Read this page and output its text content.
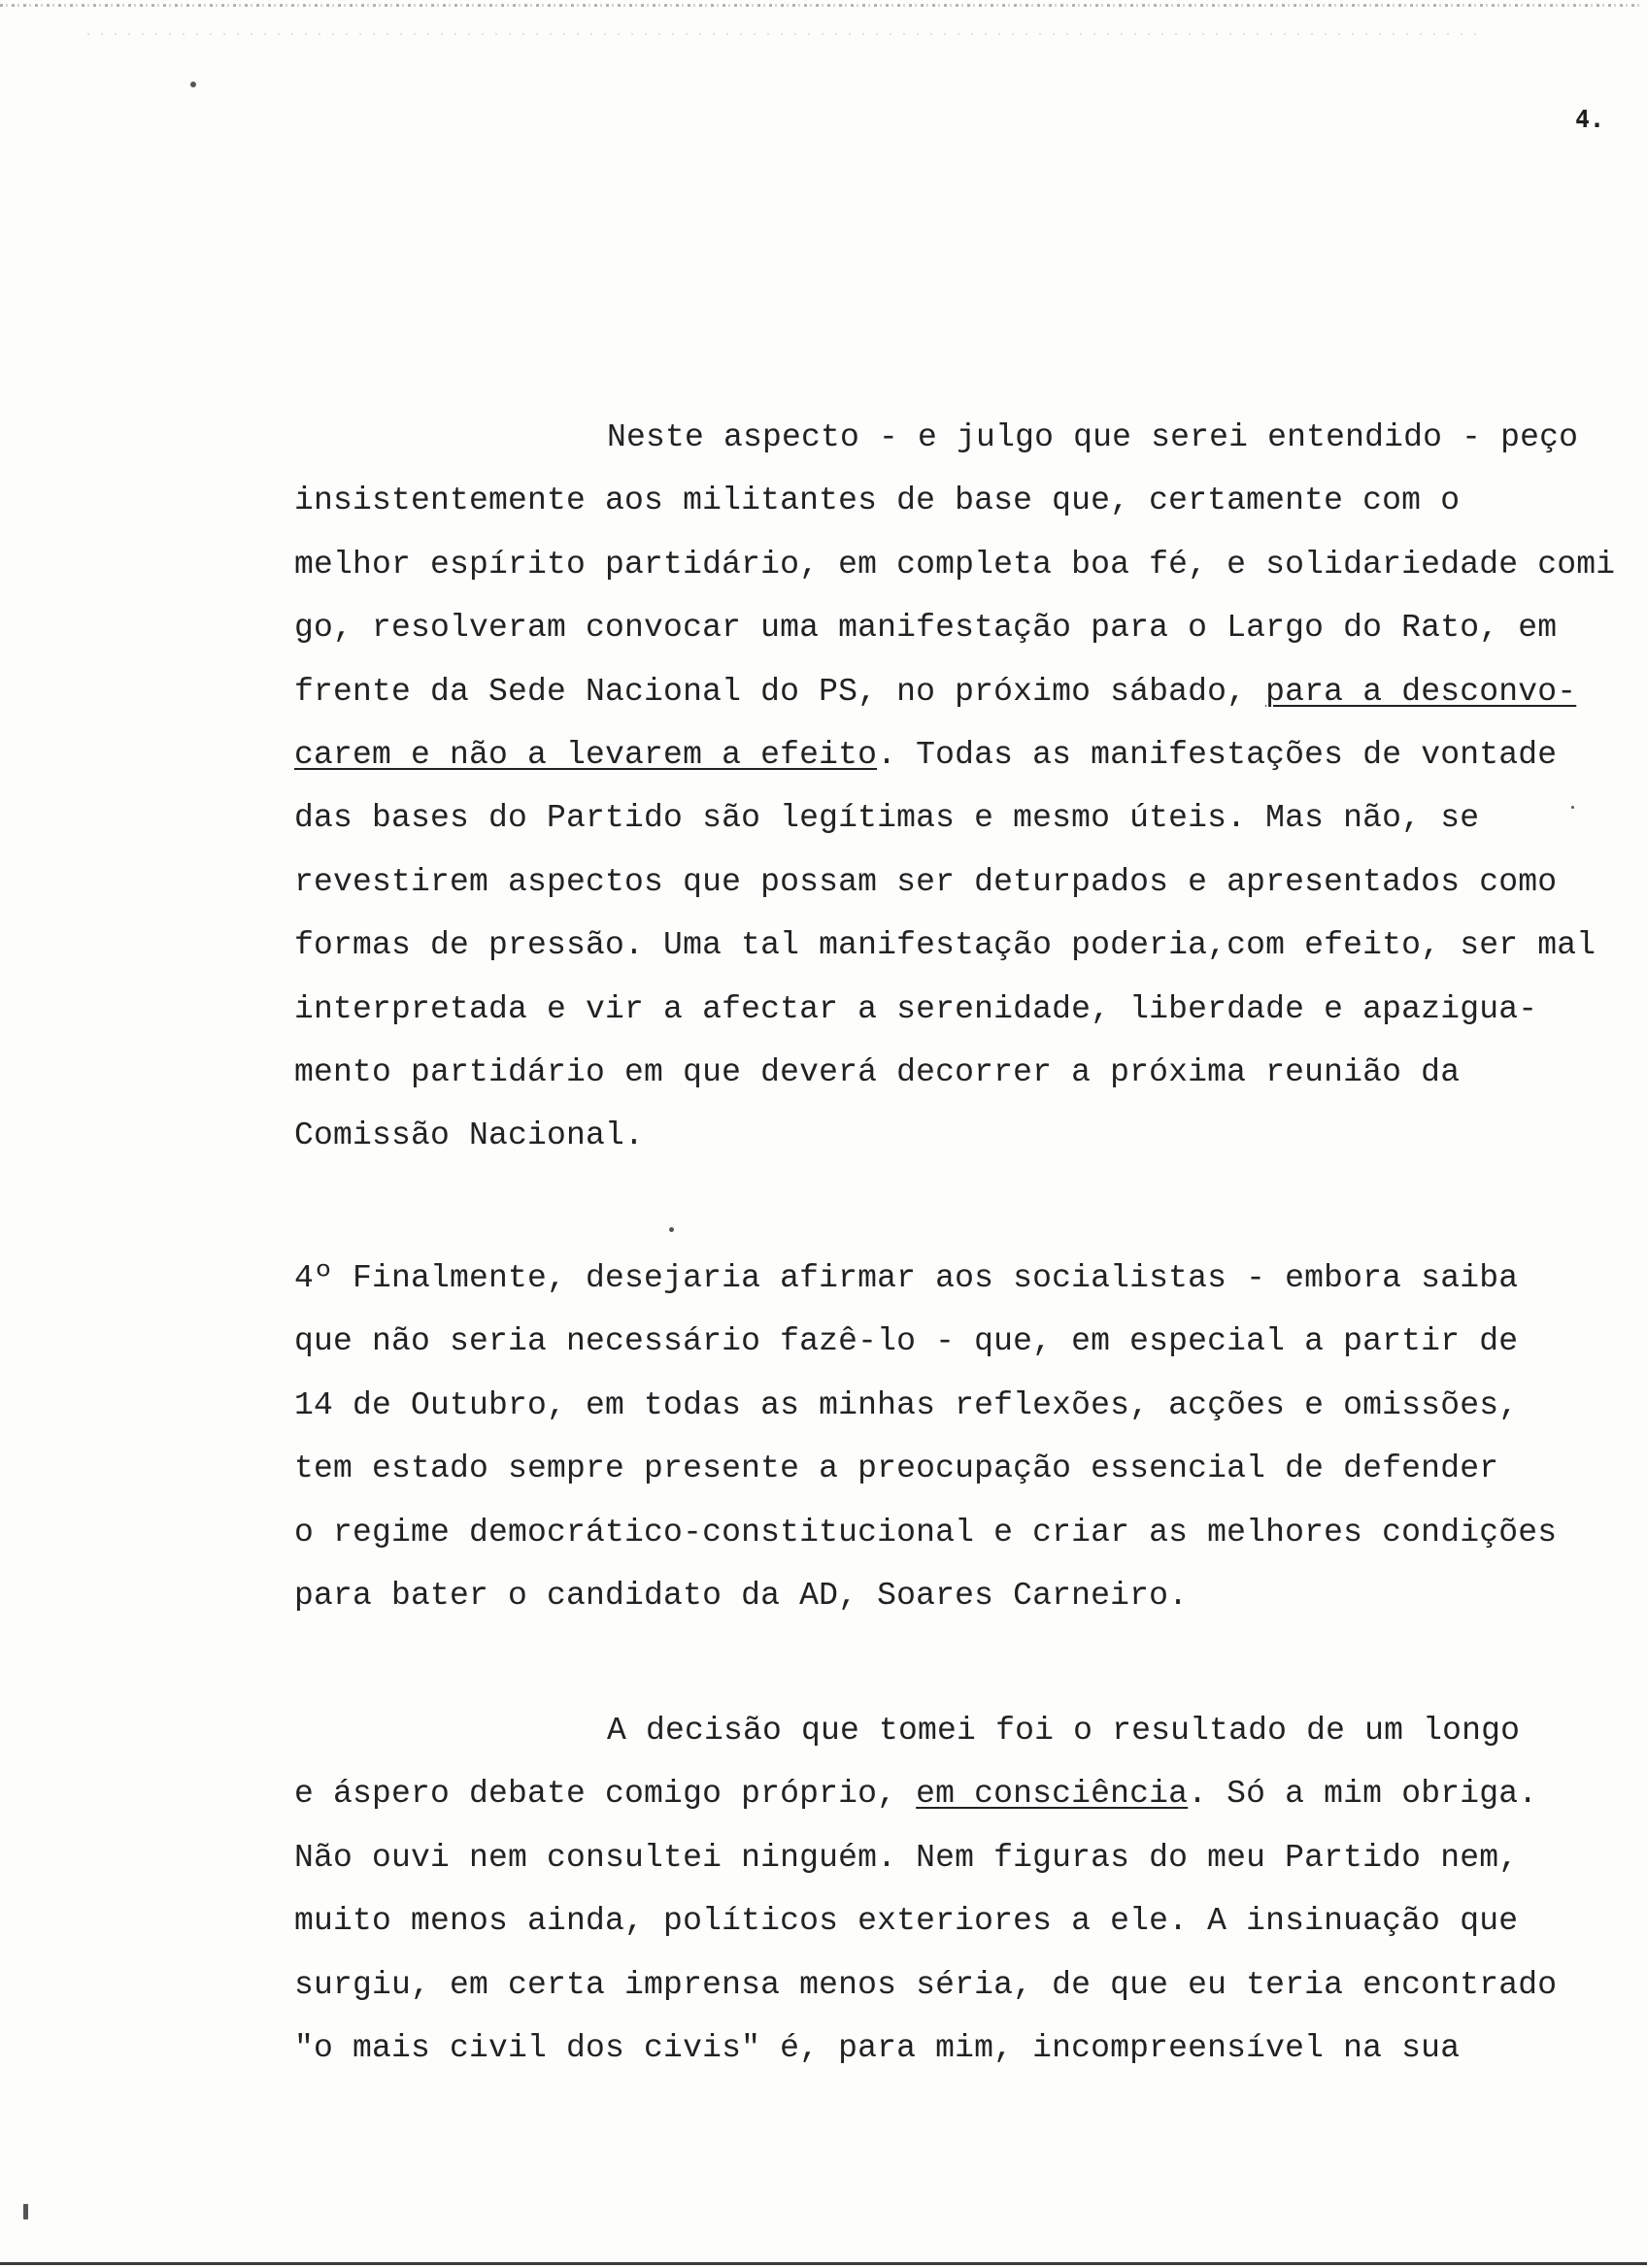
4.
Neste aspecto - e julgo que serei entendido - peço
insistentemente aos militantes de base que, certamente com o
melhor espírito partidário, em completa boa fé, e solidariedade comi
go, resolveram convocar uma manifestação para o Largo do Rato, em
frente da Sede Nacional do PS, no próximo sábado, para a desconvo-
carem e não a levarem a efeito. Todas as manifestações de vontade
das bases do Partido são legítimas e mesmo úteis. Mas não, se
revestirem aspectos que possam ser deturpados e apresentados como
formas de pressão. Uma tal manifestação poderia,com efeito, ser mal
interpretada e vir a afectar a serenidade, liberdade e apazigua-
mento partidário em que deverá decorrer a próxima reunião da
Comissão Nacional.
4º Finalmente, desejaria afirmar aos socialistas - embora saiba
que não seria necessário fazê-lo - que, em especial a partir de
14 de Outubro, em todas as minhas reflexões, acções e omissões,
tem estado sempre presente a preocupação essencial de defender
o regime democrático-constitucional e criar as melhores condições
para bater o candidato da AD, Soares Carneiro.
A decisão que tomei foi o resultado de um longo
e áspero debate comigo próprio, em consciência. Só a mim obriga.
Não ouvi nem consultei ninguém. Nem figuras do meu Partido nem,
muito menos ainda, políticos exteriores a ele. A insinuação que
surgiu, em certa imprensa menos séria, de que eu teria encontrado
"o mais civil dos civis" é, para mim, incompreensível na sua
